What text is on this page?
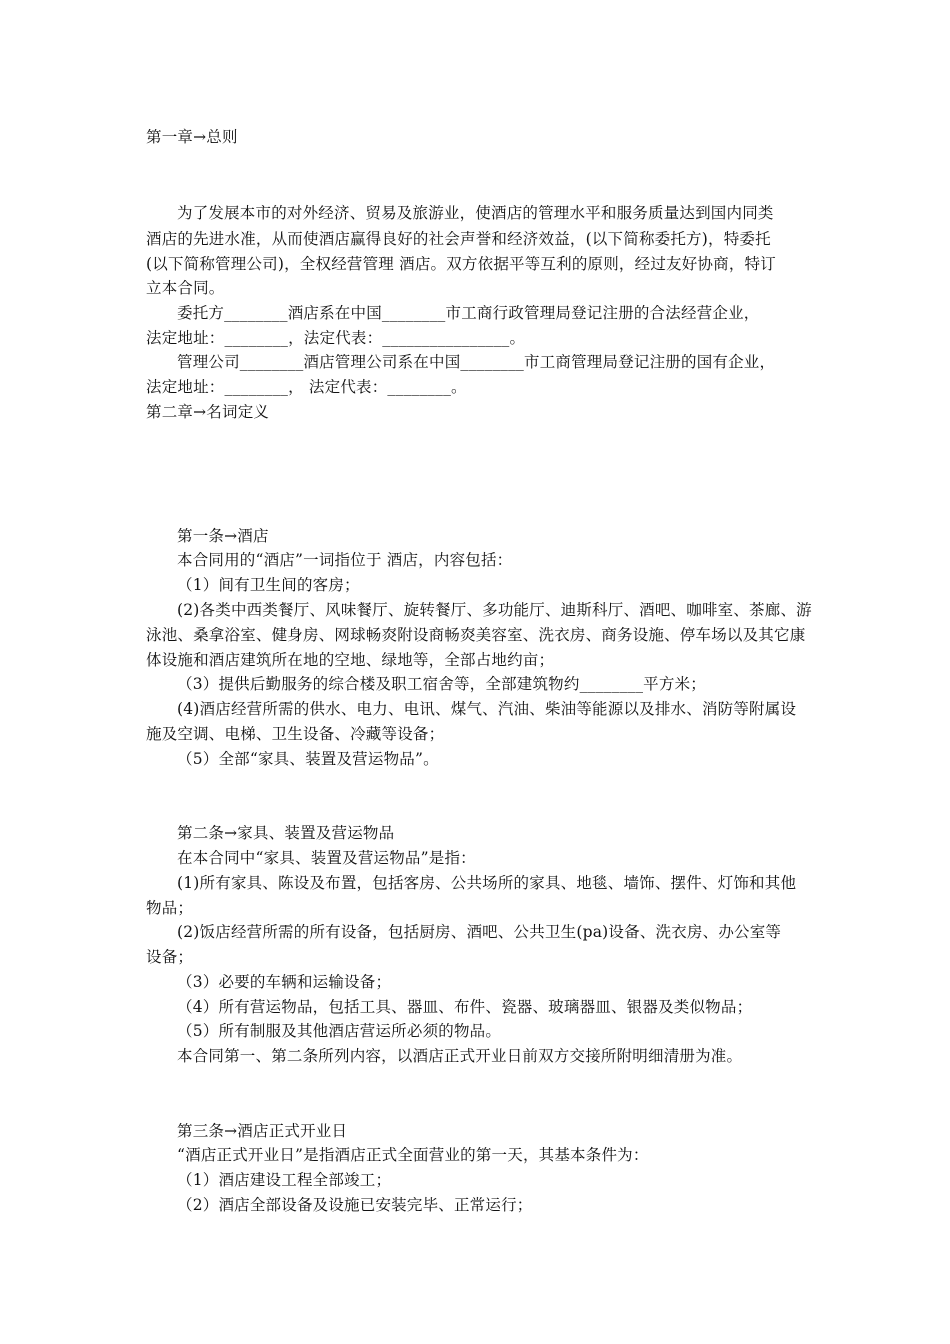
第一章→总则
为了发展本市的对外经济、贸易及旅游业，使酒店的管理水平和服务质量达到国内同类
酒店的先进水准，从而使酒店赢得良好的社会声誉和经济效益，(以下简称委托方)，特委托
(以下简称管理公司)，全权经营管理 酒店。双方依据平等互利的原则，经过友好协商，特订
立本合同。
委托方________酒店系在中国________市工商行政管理局登记注册的合法经营企业，
法定地址：________，法定代表：________________。
管理公司________酒店管理公司系在中国________市工商管理局登记注册的国有企业，
法定地址：________， 法定代表：________。
第二章→名词定义
第一条→酒店
本合同用的“酒店”一词指位于 酒店，内容包括：
（1）间有卫生间的客房；
(2)各类中西类餐厅、风味餐厅、旋转餐厅、多功能厅、迪斯科厅、酒吧、咖啡室、茶廊、游
泳池、桑拿浴室、健身房、网球畅㶫附设商畅㶫美容室、洗衣房、商务设施、停车场以及其它康
体设施和酒店建筑所在地的空地、绿地等，全部占地约亩；
（3）提供后勤服务的综合楼及职工宿舍等，全部建筑物约________平方米；
(4)酒店经营所需的供水、电力、电讯、煤气、汽油、柴油等能源以及排水、消防等附属设
施及空调、电梯、卫生设备、冷藏等设备；
（5）全部“家具、装置及营运物品”。
第二条→家具、装置及营运物品
在本合同中“家具、装置及营运物品”是指：
(1)所有家具、陈设及布置，包括客房、公共场所的家具、地毯、墙饰、摆件、灯饰和其他
物品；
(2)饭店经营所需的所有设备，包括厨房、酒吧、公共卫生(pa)设备、洗衣房、办公室等
设备；
（3）必要的车辆和运输设备；
（4）所有营运物品，包括工具、器皿、布件、瓷器、玻璃器皿、银器及类似物品；
（5）所有制服及其他酒店营运所必须的物品。
本合同第一、第二条所列内容，以酒店正式开业日前双方交接所附明细清册为准。
第三条→酒店正式开业日
“酒店正式开业日”是指酒店正式全面营业的第一天，其基本条件为：
（1）酒店建设工程全部竣工；
（2）酒店全部设备及设施已安装完毕、正常运行；
